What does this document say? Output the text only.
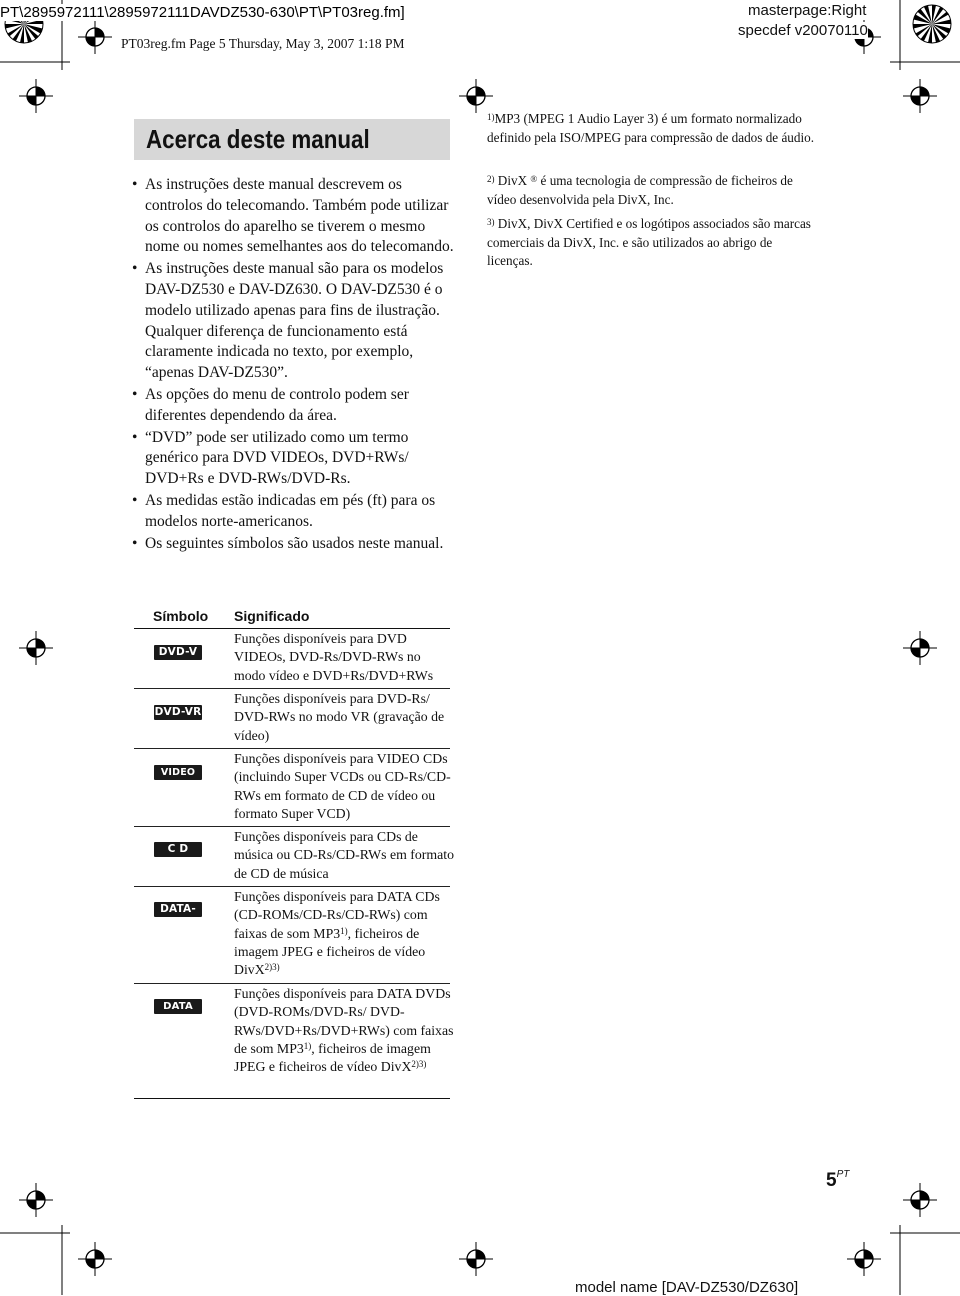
PT\2895972111\2895972111DAVDZ530-630\PT\PT03reg.fm]
PT03reg.fm Page 5 Thursday, May 3, 2007 1:18 PM
masterpage:Right
specdef v20070110
model name [DAV-DZ530/DZ630]
Acerca deste manual
• As instruções deste manual descrevem os controlos do telecomando. Também pode utilizar os controlos do aparelho se tiverem o mesmo nome ou nomes semelhantes aos do telecomando.
• As instruções deste manual são para os modelos DAV-DZ530 e DAV-DZ630. O DAV-DZ530 é o modelo utilizado apenas para fins de ilustração. Qualquer diferença de funcionamento está claramente indicada no texto, por exemplo, “apenas DAV-DZ530”.
• As opções do menu de controlo podem ser diferentes dependendo da área.
• “DVD” pode ser utilizado como um termo genérico para DVD VIDEOs, DVD+RWs/ DVD+Rs e DVD-RWs/DVD-Rs.
• As medidas estão indicadas em pés (ft) para os modelos norte-americanos.
• Os seguintes símbolos são usados neste manual.
Símbolo Significado
DVD-V
Funções disponíveis para DVD VIDEOs, DVD-Rs/DVD-RWs no modo vídeo e DVD+Rs/DVD+RWs
DVD-VR
Funções disponíveis para DVD-Rs/ DVD-RWs no modo VR (gravação de vídeo)
VIDEO CD
Funções disponíveis para VIDEO CDs (incluindo Super VCDs ou CD-Rs/CD-RWs em formato de CD de vídeo ou formato Super VCD)
C D
Funções disponíveis para CDs de música ou CD-Rs/CD-RWs em formato de CD de música
DATA-CD
Funções disponíveis para DATA CDs (CD-ROMs/CD-Rs/CD-RWs) com faixas de som MP3$^{1)}$, ficheiros de imagem JPEG e ficheiros de vídeo DivX$^{2)3)}$
DATA DVD
Funções disponíveis para DATA DVDs (DVD-ROMs/DVD-Rs/ DVD-RWs/DVD+Rs/DVD+RWs) com faixas de som MP3$^{1)}$, ficheiros de imagem JPEG e ficheiros de vídeo DivX$^{2)3)}$
$^{1)}$MP3 (MPEG 1 Audio Layer 3) é um formato normalizado definido pela ISO/MPEG para compressão de dados de áudio.
$^{2)}$ DivX ® é uma tecnologia de compressão de ficheiros de vídeo desenvolvida pela DivX, Inc.
$^{3)}$ DivX, DivX Certified e os logótipos associados são marcas comerciais da DivX, Inc. e são utilizados ao abrigo de licenças.
$5^{PT}$
